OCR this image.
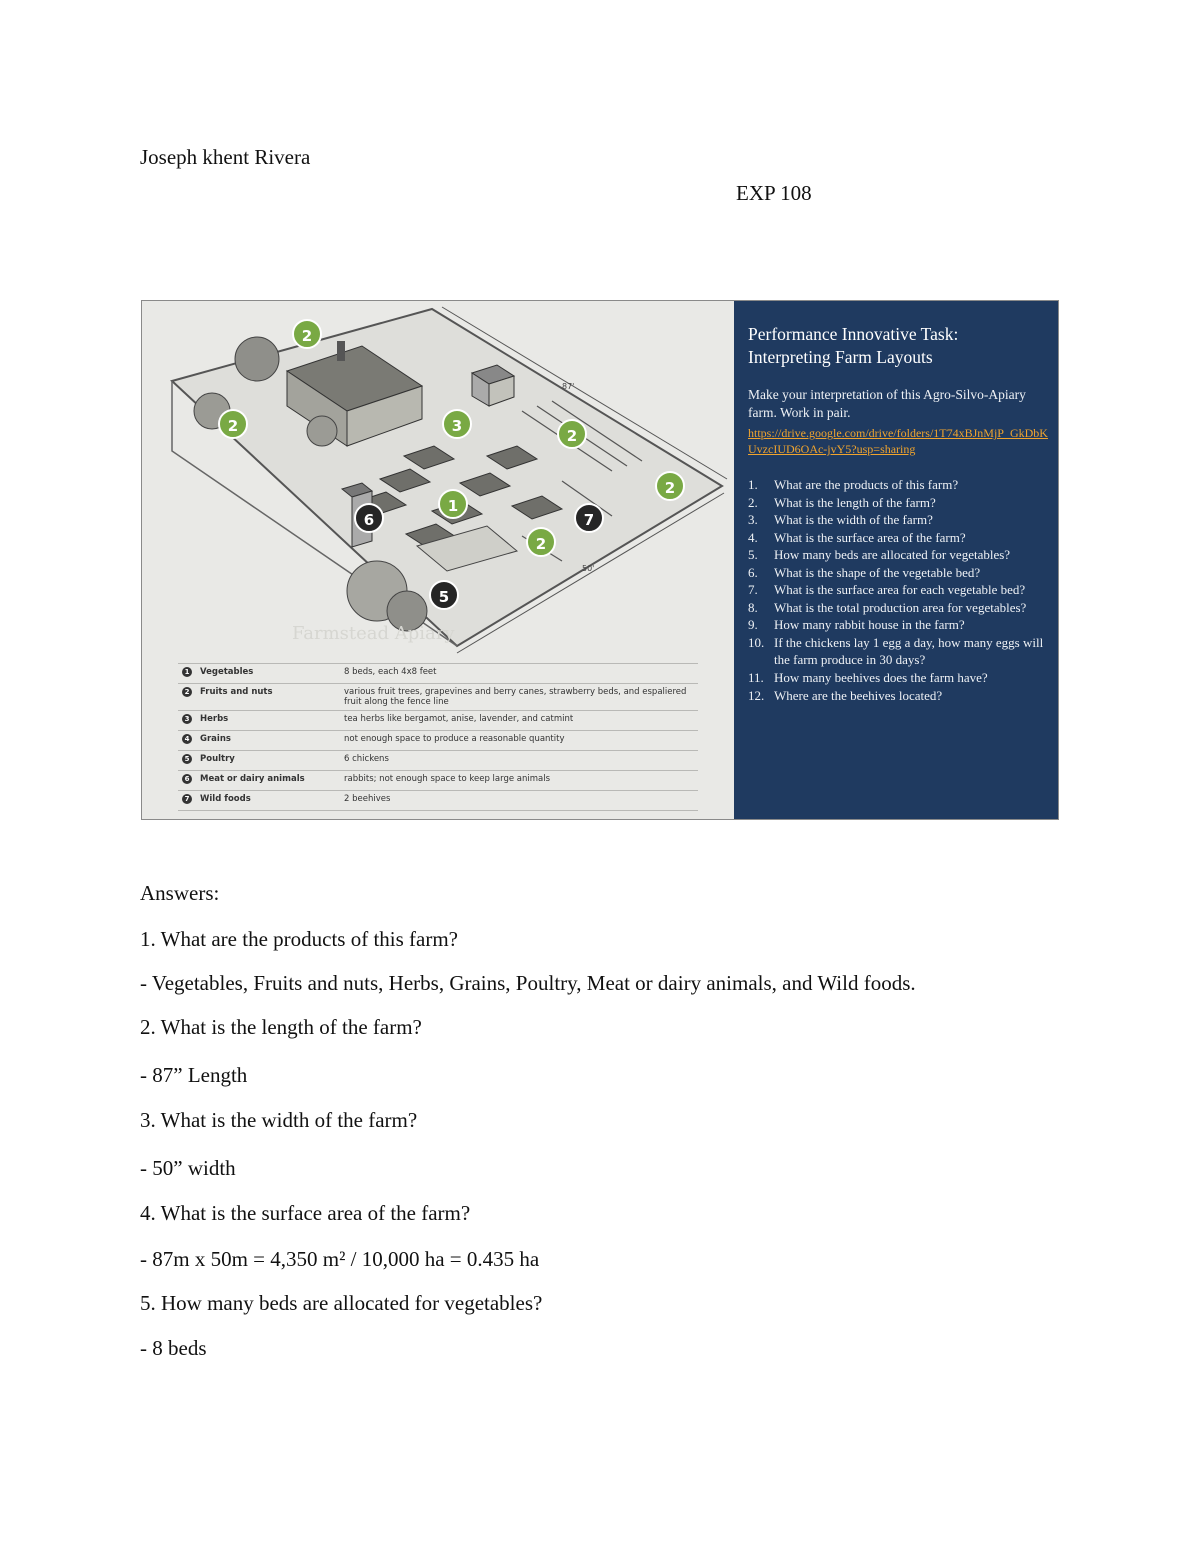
Joseph khent Rivera
EXP 108
87'
50'
Farmstead Apiary
2
2	3
2
2
1
6	7
2
5
1	Vegetables	8 beds, each 4x8 feet
2	Fruits and nuts	various fruit trees, grapevines and berry canes, strawberry beds, and espaliered fruit along the fence line
3	Herbs	tea herbs like bergamot, anise, lavender, and catmint
4	Grains	not enough space to produce a reasonable quantity
5	Poultry	6 chickens
6	Meat or dairy animals	rabbits; not enough space to keep large animals
7	Wild foods	2 beehives
Performance Innovative Task:
Interpreting Farm Layouts
Make your interpretation of this Agro-Silvo-Apiary farm. Work in pair.
https://drive.google.com/drive/folders/1T74xBJnMjP_GkDbKUvzcIUD6OAc-jvY5?usp=sharing
1.	What are the products of this farm?
2.	What is the length of the farm?
3.	What is the width of the farm?
4.	What is the surface area of the farm?
5.	How many beds are allocated for vegetables?
6.	What is the shape of the vegetable bed?
7.	What is the surface area for each vegetable bed?
8.	What is the total production area for vegetables?
9.	How many rabbit house in the farm?
10. If the chickens lay 1 egg a day, how many eggs will the farm produce in 30 days?
11. How many beehives does the farm have?
12. Where are the beehives located?
Answers:
1. What are the products of this farm?
- Vegetables, Fruits and nuts, Herbs, Grains, Poultry, Meat or dairy animals, and Wild foods.
2. What is the length of the farm?
- 87” Length
3. What is the width of the farm?
- 50” width
4. What is the surface area of the farm?
- 87m x 50m = 4,350 m² / 10,000 ha = 0.435 ha
5. How many beds are allocated for vegetables?
- 8 beds
